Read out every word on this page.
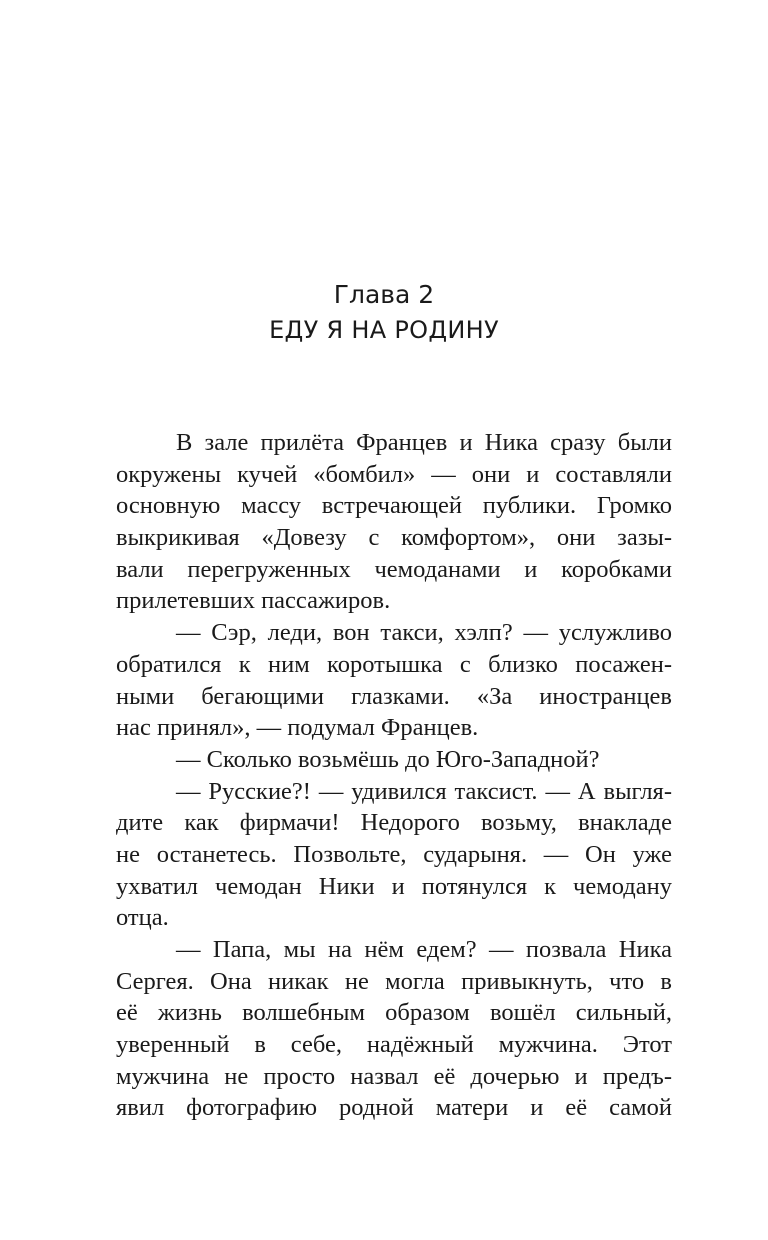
Глава 2
ЕДУ Я НА РОДИНУ
В зале прилёта Францев и Ника сразу были
окружены кучей «бомбил» — они и составляли
основную массу встречающей публики. Громко
выкрикивая «Довезу с комфортом», они зазы-
вали перегруженных чемоданами и коробками
прилетевших пассажиров.
— Сэр, леди, вон такси, хэлп? — услужливо
обратился к ним коротышка с близко посажен-
ными бегающими глазками. «За иностранцев
нас принял», — подумал Францев.
— Сколько возьмёшь до Юго-Западной?
— Русские?! — удивился таксист. — А выгля-
дите как фирмачи! Недорого возьму, внакладе
не останетесь. Позвольте, сударыня. — Он уже
ухватил чемодан Ники и потянулся к чемодану
отца.
— Папа, мы на нём едем? — позвала Ника
Сергея. Она никак не могла привыкнуть, что в
её жизнь волшебным образом вошёл сильный,
уверенный в себе, надёжный мужчина. Этот
мужчина не просто назвал её дочерью и предъ-
явил фотографию родной матери и её самой
